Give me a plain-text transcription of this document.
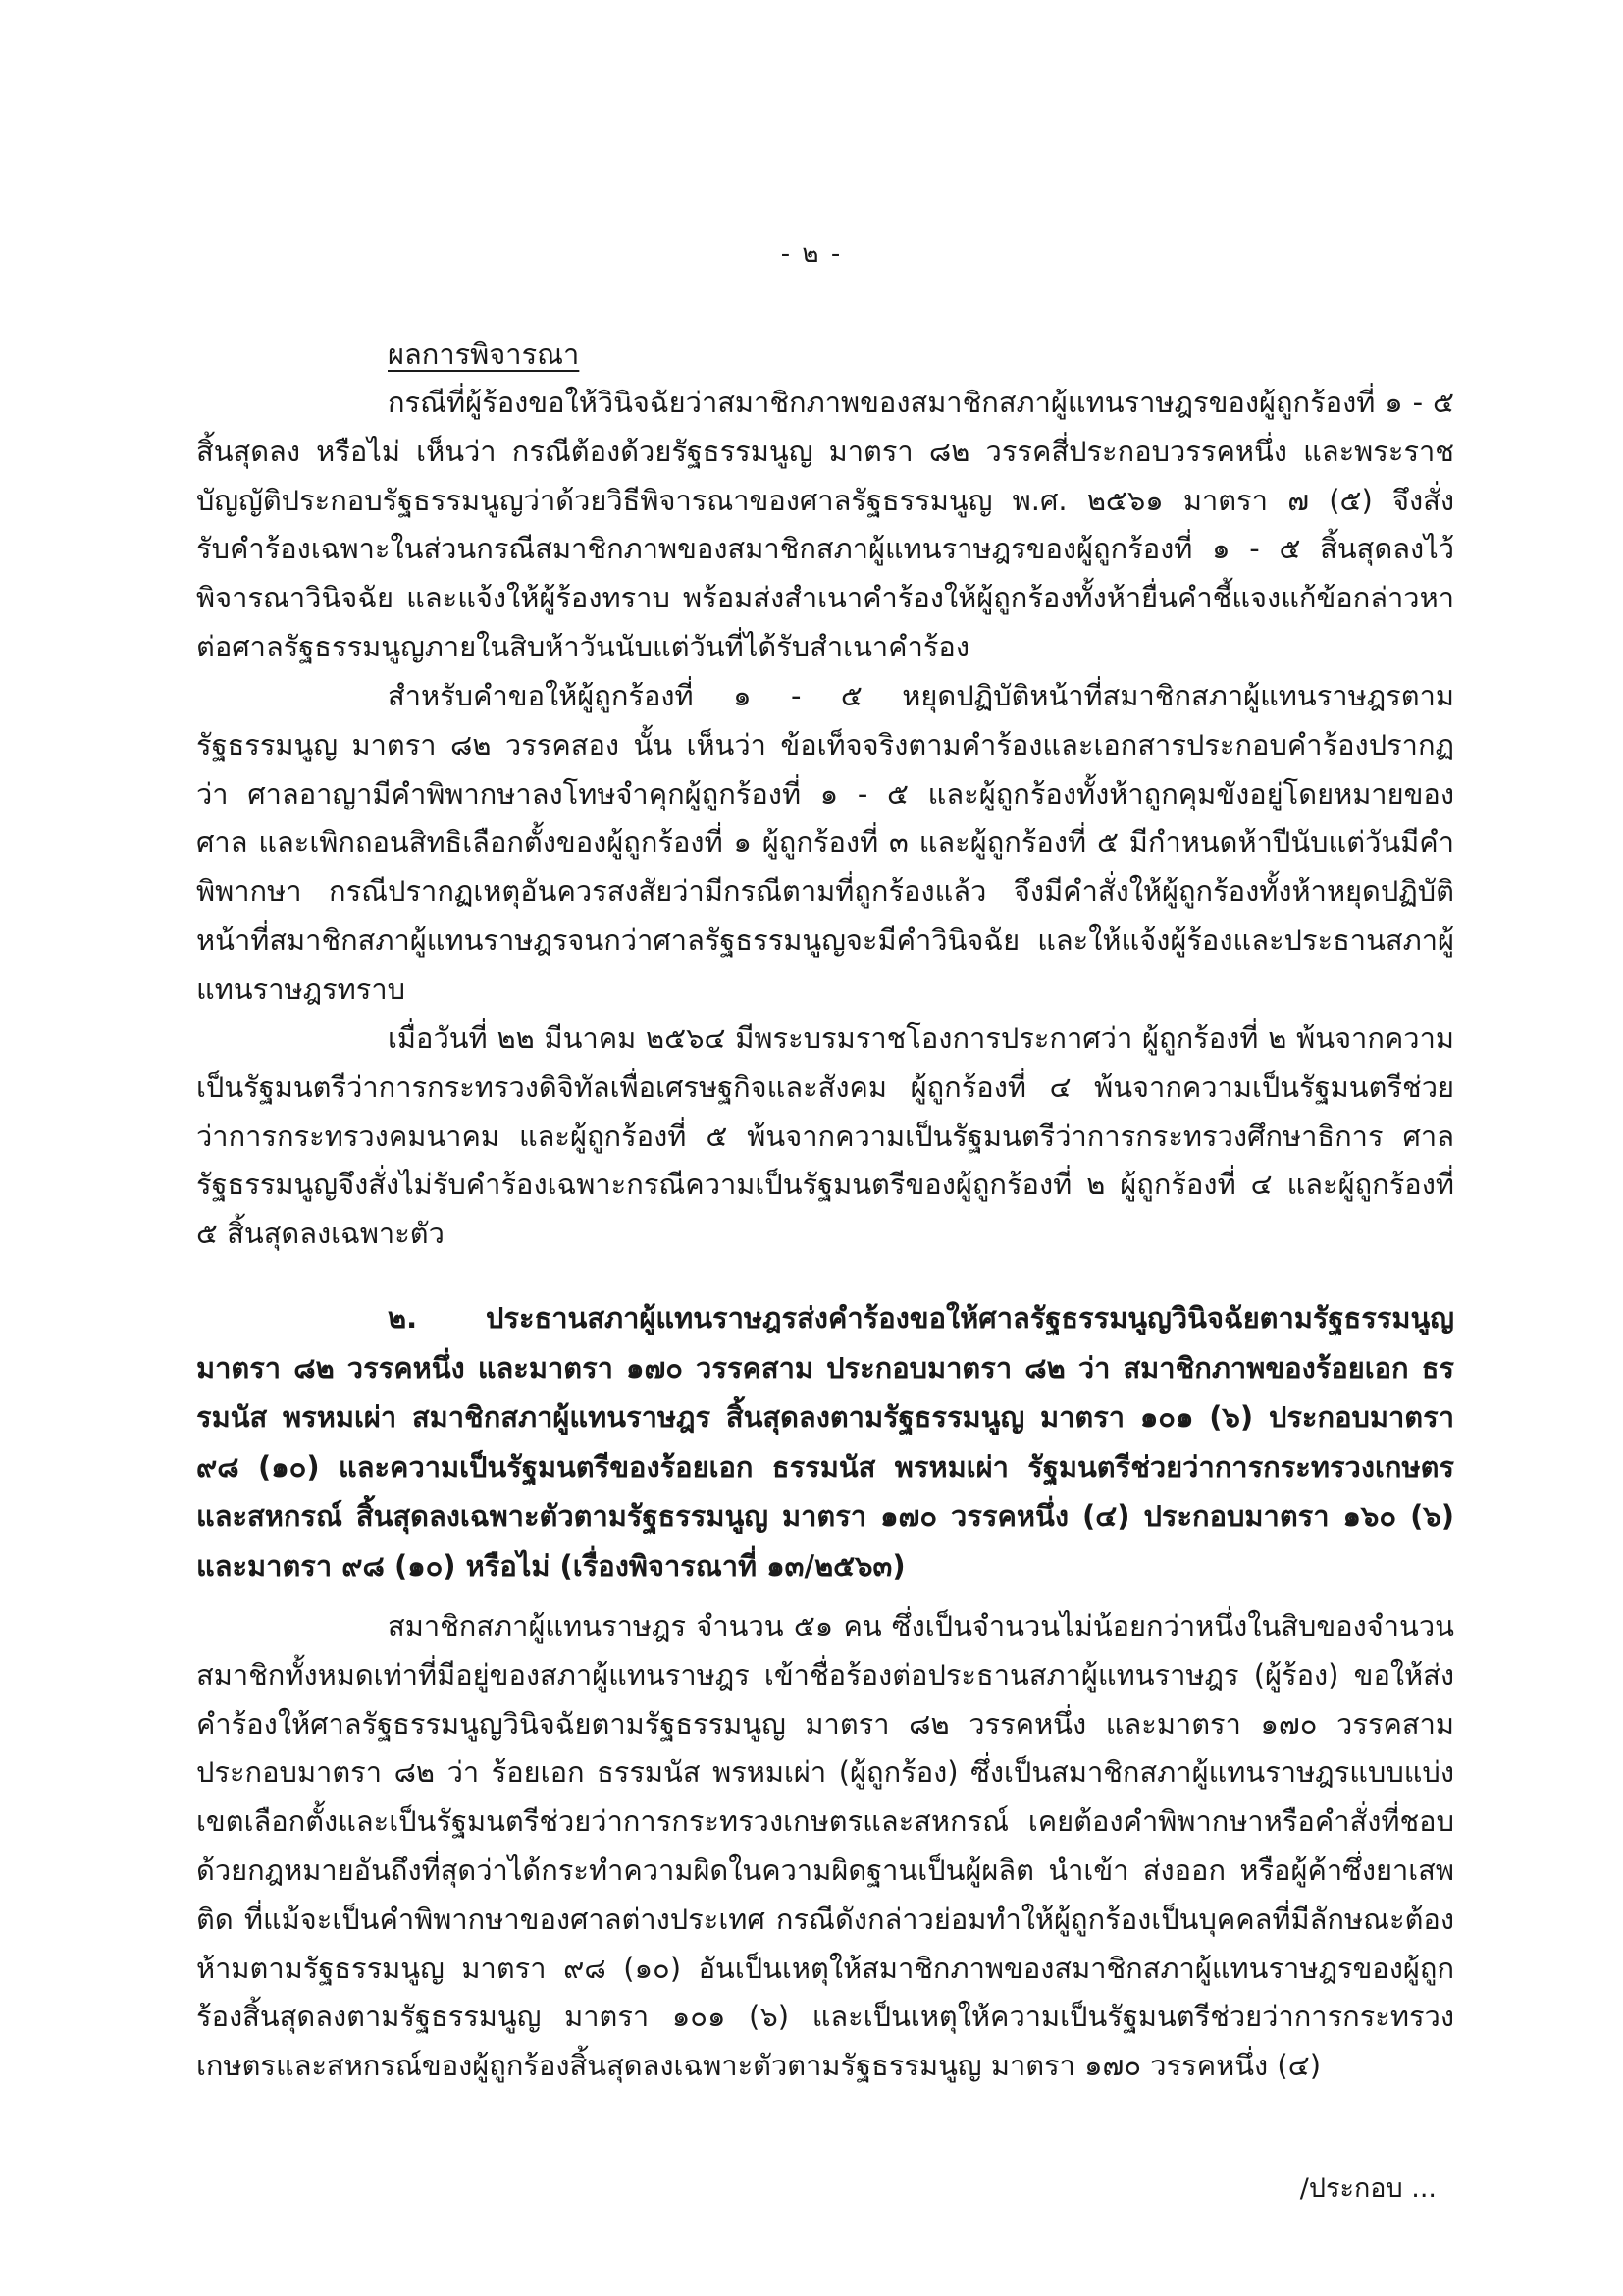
- ๒ -
ผลการพิจารณา

กรณีที่ผู้ร้องขอให้วินิจฉัยว่าสมาชิกภาพของสมาชิกสภาผู้แทนราษฎรของผู้ถูกร้องที่ ๑ - ๕ สิ้นสุดลง หรือไม่ เห็นว่า กรณีต้องด้วยรัฐธรรมนูญ มาตรา ๘๒ วรรคสี่ประกอบวรรคหนึ่ง และพระราชบัญญัติประกอบรัฐธรรมนูญว่าด้วยวิธีพิจารณาของศาลรัฐธรรมนูญ พ.ศ. ๒๕๖๑ มาตรา ๗ (๕) จึงสั่งรับคำร้องเฉพาะในส่วนกรณีสมาชิกภาพของสมาชิกสภาผู้แทนราษฎรของผู้ถูกร้องที่ ๑ - ๕ สิ้นสุดลงไว้พิจารณาวินิจฉัย และแจ้งให้ผู้ร้องทราบ พร้อมส่งสำเนาคำร้องให้ผู้ถูกร้องทั้งห้ายื่นคำชี้แจงแก้ข้อกล่าวหาต่อศาลรัฐธรรมนูญภายในสิบห้าวันนับแต่วันที่ได้รับสำเนาคำร้อง

สำหรับคำขอให้ผู้ถูกร้องที่ ๑ - ๕ หยุดปฏิบัติหน้าที่สมาชิกสภาผู้แทนราษฎรตามรัฐธรรมนูญ มาตรา ๘๒ วรรคสอง นั้น เห็นว่า ข้อเท็จจริงตามคำร้องและเอกสารประกอบคำร้องปรากฏว่า ศาลอาญามีคำพิพากษาลงโทษจำคุกผู้ถูกร้องที่ ๑ - ๕ และผู้ถูกร้องทั้งห้าถูกคุมขังอยู่โดยหมายของศาล และเพิกถอนสิทธิเลือกตั้งของผู้ถูกร้องที่ ๑ ผู้ถูกร้องที่ ๓ และผู้ถูกร้องที่ ๕ มีกำหนดห้าปีนับแต่วันมีคำพิพากษา กรณีปรากฏเหตุอันควรสงสัยว่ามีกรณีตามที่ถูกร้องแล้ว จึงมีคำสั่งให้ผู้ถูกร้องทั้งห้าหยุดปฏิบัติหน้าที่สมาชิกสภาผู้แทนราษฎรจนกว่าศาลรัฐธรรมนูญจะมีคำวินิจฉัย และให้แจ้งผู้ร้องและประธานสภาผู้แทนราษฎรทราบ

เมื่อวันที่ ๒๒ มีนาคม ๒๕๖๔ มีพระบรมราชโองการประกาศว่า ผู้ถูกร้องที่ ๒ พ้นจากความเป็นรัฐมนตรีว่าการกระทรวงดิจิทัลเพื่อเศรษฐกิจและสังคม ผู้ถูกร้องที่ ๔ พ้นจากความเป็นรัฐมนตรีช่วยว่าการกระทรวงคมนาคม และผู้ถูกร้องที่ ๕ พ้นจากความเป็นรัฐมนตรีว่าการกระทรวงศึกษาธิการ ศาลรัฐธรรมนูญจึงสั่งไม่รับคำร้องเฉพาะกรณีความเป็นรัฐมนตรีของผู้ถูกร้องที่ ๒ ผู้ถูกร้องที่ ๔ และผู้ถูกร้องที่ ๕ สิ้นสุดลงเฉพาะตัว

๒. ประธานสภาผู้แทนราษฎรส่งคำร้องขอให้ศาลรัฐธรรมนูญวินิจฉัยตามรัฐธรรมนูญ มาตรา ๘๒ วรรคหนึ่ง และมาตรา ๑๗๐ วรรคสาม ประกอบมาตรา ๘๒ ว่า สมาชิกภาพของร้อยเอก ธรรมนัส พรหมเผ่า สมาชิกสภาผู้แทนราษฎร สิ้นสุดลงตามรัฐธรรมนูญ มาตรา ๑๐๑ (๖) ประกอบมาตรา ๙๘ (๑๐) และความเป็นรัฐมนตรีของร้อยเอก ธรรมนัส พรหมเผ่า รัฐมนตรีช่วยว่าการกระทรวงเกษตรและสหกรณ์ สิ้นสุดลงเฉพาะตัวตามรัฐธรรมนูญ มาตรา ๑๗๐ วรรคหนึ่ง (๔) ประกอบมาตรา ๑๖๐ (๖) และมาตรา ๙๘ (๑๐) หรือไม่ (เรื่องพิจารณาที่ ๑๓/๒๕๖๓)

สมาชิกสภาผู้แทนราษฎร จำนวน ๕๑ คน ซึ่งเป็นจำนวนไม่น้อยกว่าหนึ่งในสิบของจำนวนสมาชิกทั้งหมดเท่าที่มีอยู่ของสภาผู้แทนราษฎร เข้าชื่อร้องต่อประธานสภาผู้แทนราษฎร (ผู้ร้อง) ขอให้ส่งคำร้องให้ศาลรัฐธรรมนูญวินิจฉัยตามรัฐธรรมนูญ มาตรา ๘๒ วรรคหนึ่ง และมาตรา ๑๗๐ วรรคสาม ประกอบมาตรา ๘๒ ว่า ร้อยเอก ธรรมนัส พรหมเผ่า (ผู้ถูกร้อง) ซึ่งเป็นสมาชิกสภาผู้แทนราษฎรแบบแบ่งเขตเลือกตั้งและเป็นรัฐมนตรีช่วยว่าการกระทรวงเกษตรและสหกรณ์ เคยต้องคำพิพากษาหรือคำสั่งที่ชอบด้วยกฎหมายอันถึงที่สุดว่าได้กระทำความผิดในความผิดฐานเป็นผู้ผลิต นำเข้า ส่งออก หรือผู้ค้าซึ่งยาเสพติด ที่แม้จะเป็นคำพิพากษาของศาลต่างประเทศ กรณีดังกล่าวย่อมทำให้ผู้ถูกร้องเป็นบุคคลที่มีลักษณะต้องห้ามตามรัฐธรรมนูญ มาตรา ๙๘ (๑๐) อันเป็นเหตุให้สมาชิกภาพของสมาชิกสภาผู้แทนราษฎรของผู้ถูกร้องสิ้นสุดลงตามรัฐธรรมนูญ มาตรา ๑๐๑ (๖) และเป็นเหตุให้ความเป็นรัฐมนตรีช่วยว่าการกระทรวงเกษตรและสหกรณ์ของผู้ถูกร้องสิ้นสุดลงเฉพาะตัวตามรัฐธรรมนูญ มาตรา ๑๗๐ วรรคหนึ่ง (๔)

/ประกอบ ...
